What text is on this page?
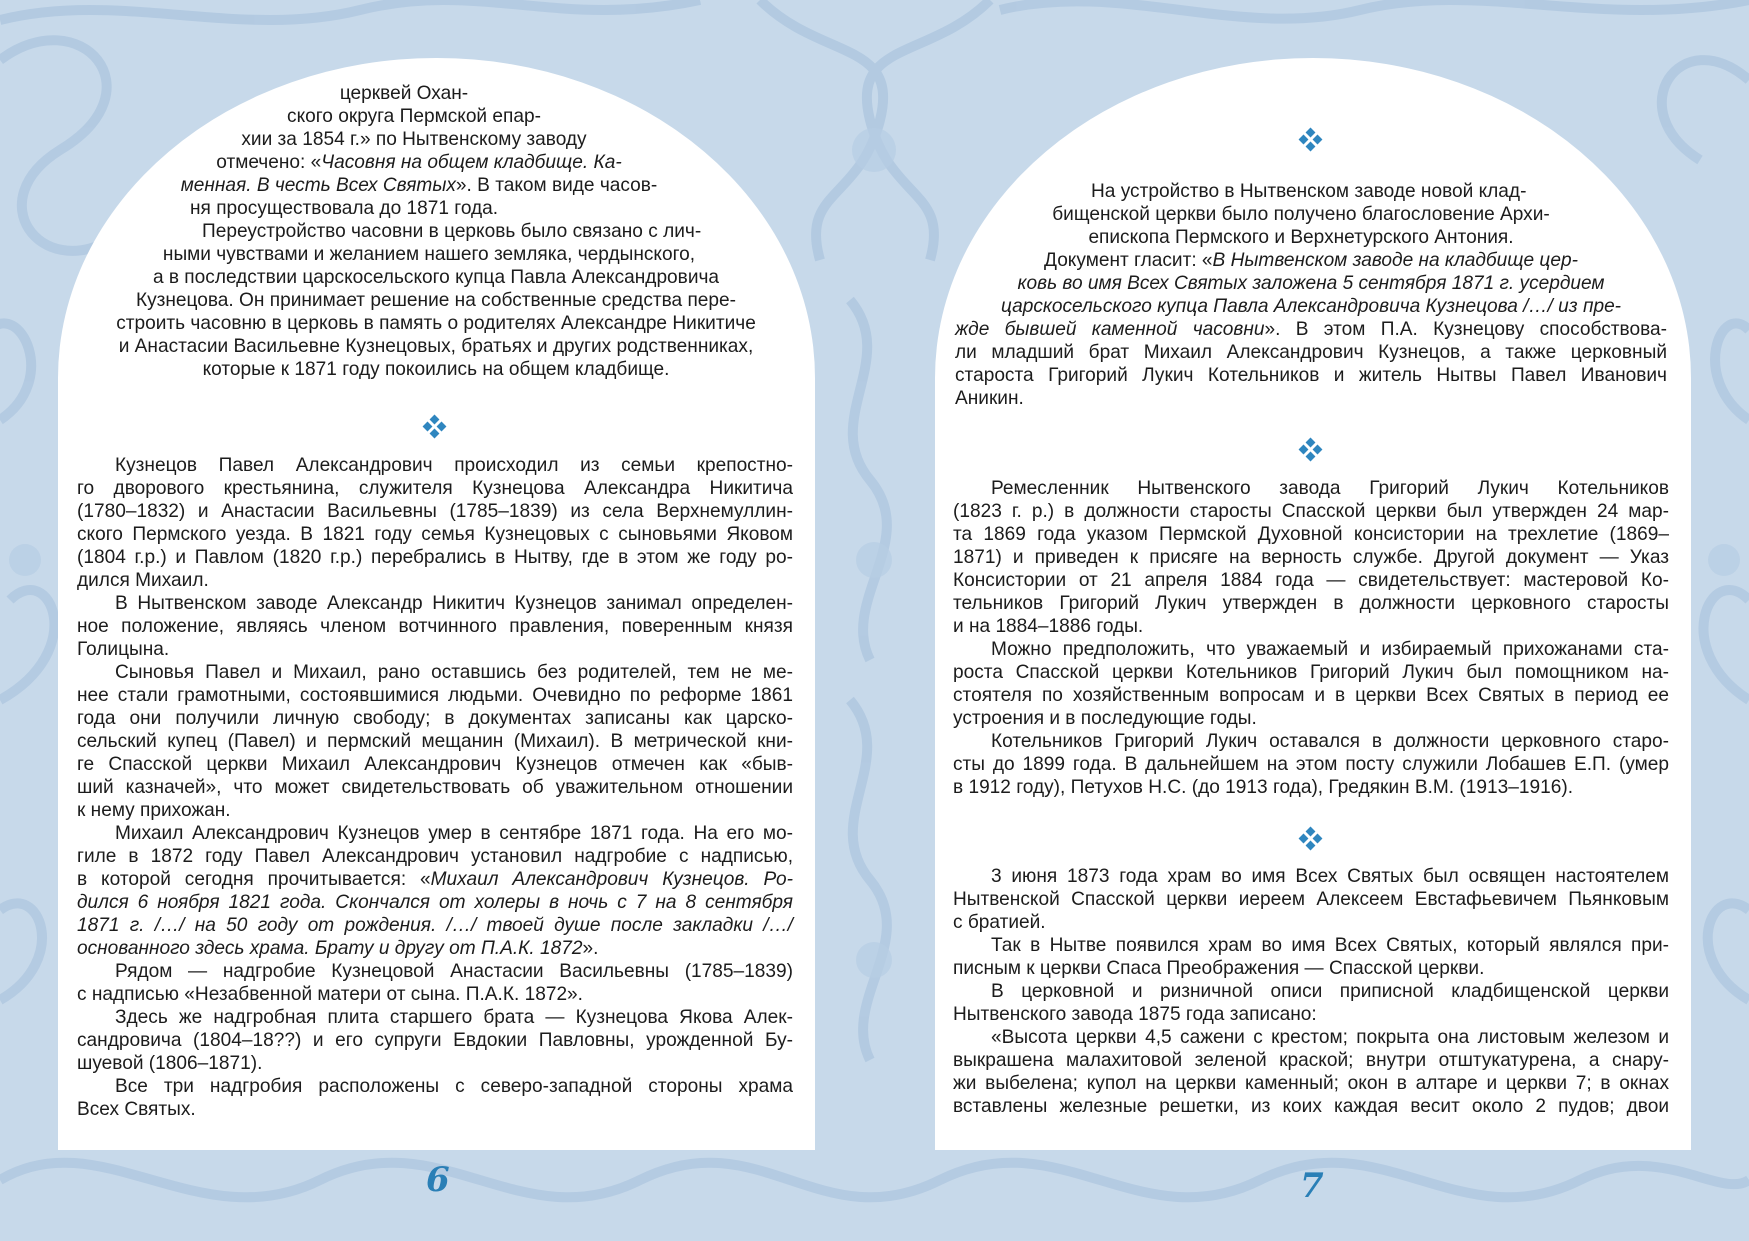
церквей Охан-
ского округа Пермской епар-
хии за 1854 г.» по Нытвенскому заводу
отмечено: «Часовня на общем кладбище. Ка-
менная. В честь Всех Святых». В таком виде часов-
ня просуществовала до 1871 года.
Переустройство часовни в церковь было связано с лич-
ными чувствами и желанием нашего земляка, чердынского,
а в последствии царскосельского купца Павла Александровича
Кузнецова. Он принимает решение на собственные средства пере-
строить часовню в церковь в память о родителях Александре Никитиче
и Анастасии Васильевне Кузнецовых, братьях и других родственниках,
которые к 1871 году покоились на общем кладбище.
Кузнецов Павел Александрович происходил из семьи крепостно-
го дворового крестьянина, служителя Кузнецова Александра Никитича
(1780–1832) и Анастасии Васильевны (1785–1839) из села Верхнемуллин-
ского Пермского уезда. В 1821 году семья Кузнецовых с сыновьями Яковом
(1804 г.р.) и Павлом (1820 г.р.) перебрались в Нытву, где в этом же году ро-
дился Михаил.
В Нытвенском заводе Александр Никитич Кузнецов занимал определен-
ное положение, являясь членом вотчинного правления, поверенным князя
Голицына.
Сыновья Павел и Михаил, рано оставшись без родителей, тем не ме-
нее стали грамотными, состоявшимися людьми. Очевидно по реформе 1861
года они получили личную свободу; в документах записаны как царско-
сельский купец (Павел) и пермский мещанин (Михаил). В метрической кни-
ге Спасской церкви Михаил Александрович Кузнецов отмечен как «быв-
ший казначей», что может свидетельствовать об уважительном отношении
к нему прихожан.
Михаил Александрович Кузнецов умер в сентябре 1871 года. На его мо-
гиле в 1872 году Павел Александрович установил надгробие с надписью,
в которой сегодня прочитывается: «Михаил Александрович Кузнецов. Ро-
дился 6 ноября 1821 года. Скончался от холеры в ночь с 7 на 8 сентября
1871 г. /…/ на 50 году от рождения. /…/ твоей душе после закладки /…/
основанного здесь храма. Брату и другу от П.А.К. 1872».
Рядом — надгробие Кузнецовой Анастасии Васильевны (1785–1839)
с надписью «Незабвенной матери от сына. П.А.К. 1872».
Здесь же надгробная плита старшего брата — Кузнецова Якова Алек-
сандровича (1804–18??) и его супруги Евдокии Павловны, урожденной Бу-
шуевой (1806–1871).
Все три надгробия расположены с северо-западной стороны храма
Всех Святых.
6
На устройство в Нытвенском заводе новой клад-
бищенской церкви было получено благословение Архи-
епископа Пермского и Верхнетурского Антония.
Документ гласит: «В Нытвенском заводе на кладбище цер-
ковь во имя Всех Святых заложена 5 сентября 1871 г. усердием
царскосельского купца Павла Александровича Кузнецова /…/ из пре-
жде бывшей каменной часовни». В этом П.А. Кузнецову способствова-
ли младший брат Михаил Александрович Кузнецов, а также церковный
староста Григорий Лукич Котельников и житель Нытвы Павел Иванович
Аникин.
Ремесленник Нытвенского завода Григорий Лукич Котельников
(1823 г. р.) в должности старосты Спасской церкви был утвержден 24 мар-
та 1869 года указом Пермской Духовной консистории на трехлетие (1869–
1871) и приведен к присяге на верность службе. Другой документ — Указ
Консистории от 21 апреля 1884 года — свидетельствует: мастеровой Ко-
тельников Григорий Лукич утвержден в должности церковного старосты
и на 1884–1886 годы.
Можно предположить, что уважаемый и избираемый прихожанами ста-
роста Спасской церкви Котельников Григорий Лукич был помощником на-
стоятеля по хозяйственным вопросам и в церкви Всех Святых в период ее
устроения и в последующие годы.
Котельников Григорий Лукич оставался в должности церковного старо-
сты до 1899 года. В дальнейшем на этом посту служили Лобашев Е.П. (умер
в 1912 году), Петухов Н.С. (до 1913 года), Гредякин В.М. (1913–1916).
3 июня 1873 года храм во имя Всех Святых был освящен настоятелем
Нытвенской Спасской церкви иереем Алексеем Евстафьевичем Пьянковым
с братией.
Так в Нытве появился храм во имя Всех Святых, который являлся при-
писным к церкви Спаса Преображения — Спасской церкви.
В церковной и ризничной описи приписной кладбищенской церкви
Нытвенского завода 1875 года записано:
«Высота церкви 4,5 сажени с крестом; покрыта она листовым железом и
выкрашена малахитовой зеленой краской; внутри отштукатурена, а снару-
жи выбелена; купол на церкви каменный; окон в алтаре и церкви 7; в окнах
вставлены железные решетки, из коих каждая весит около 2 пудов; двои
7
